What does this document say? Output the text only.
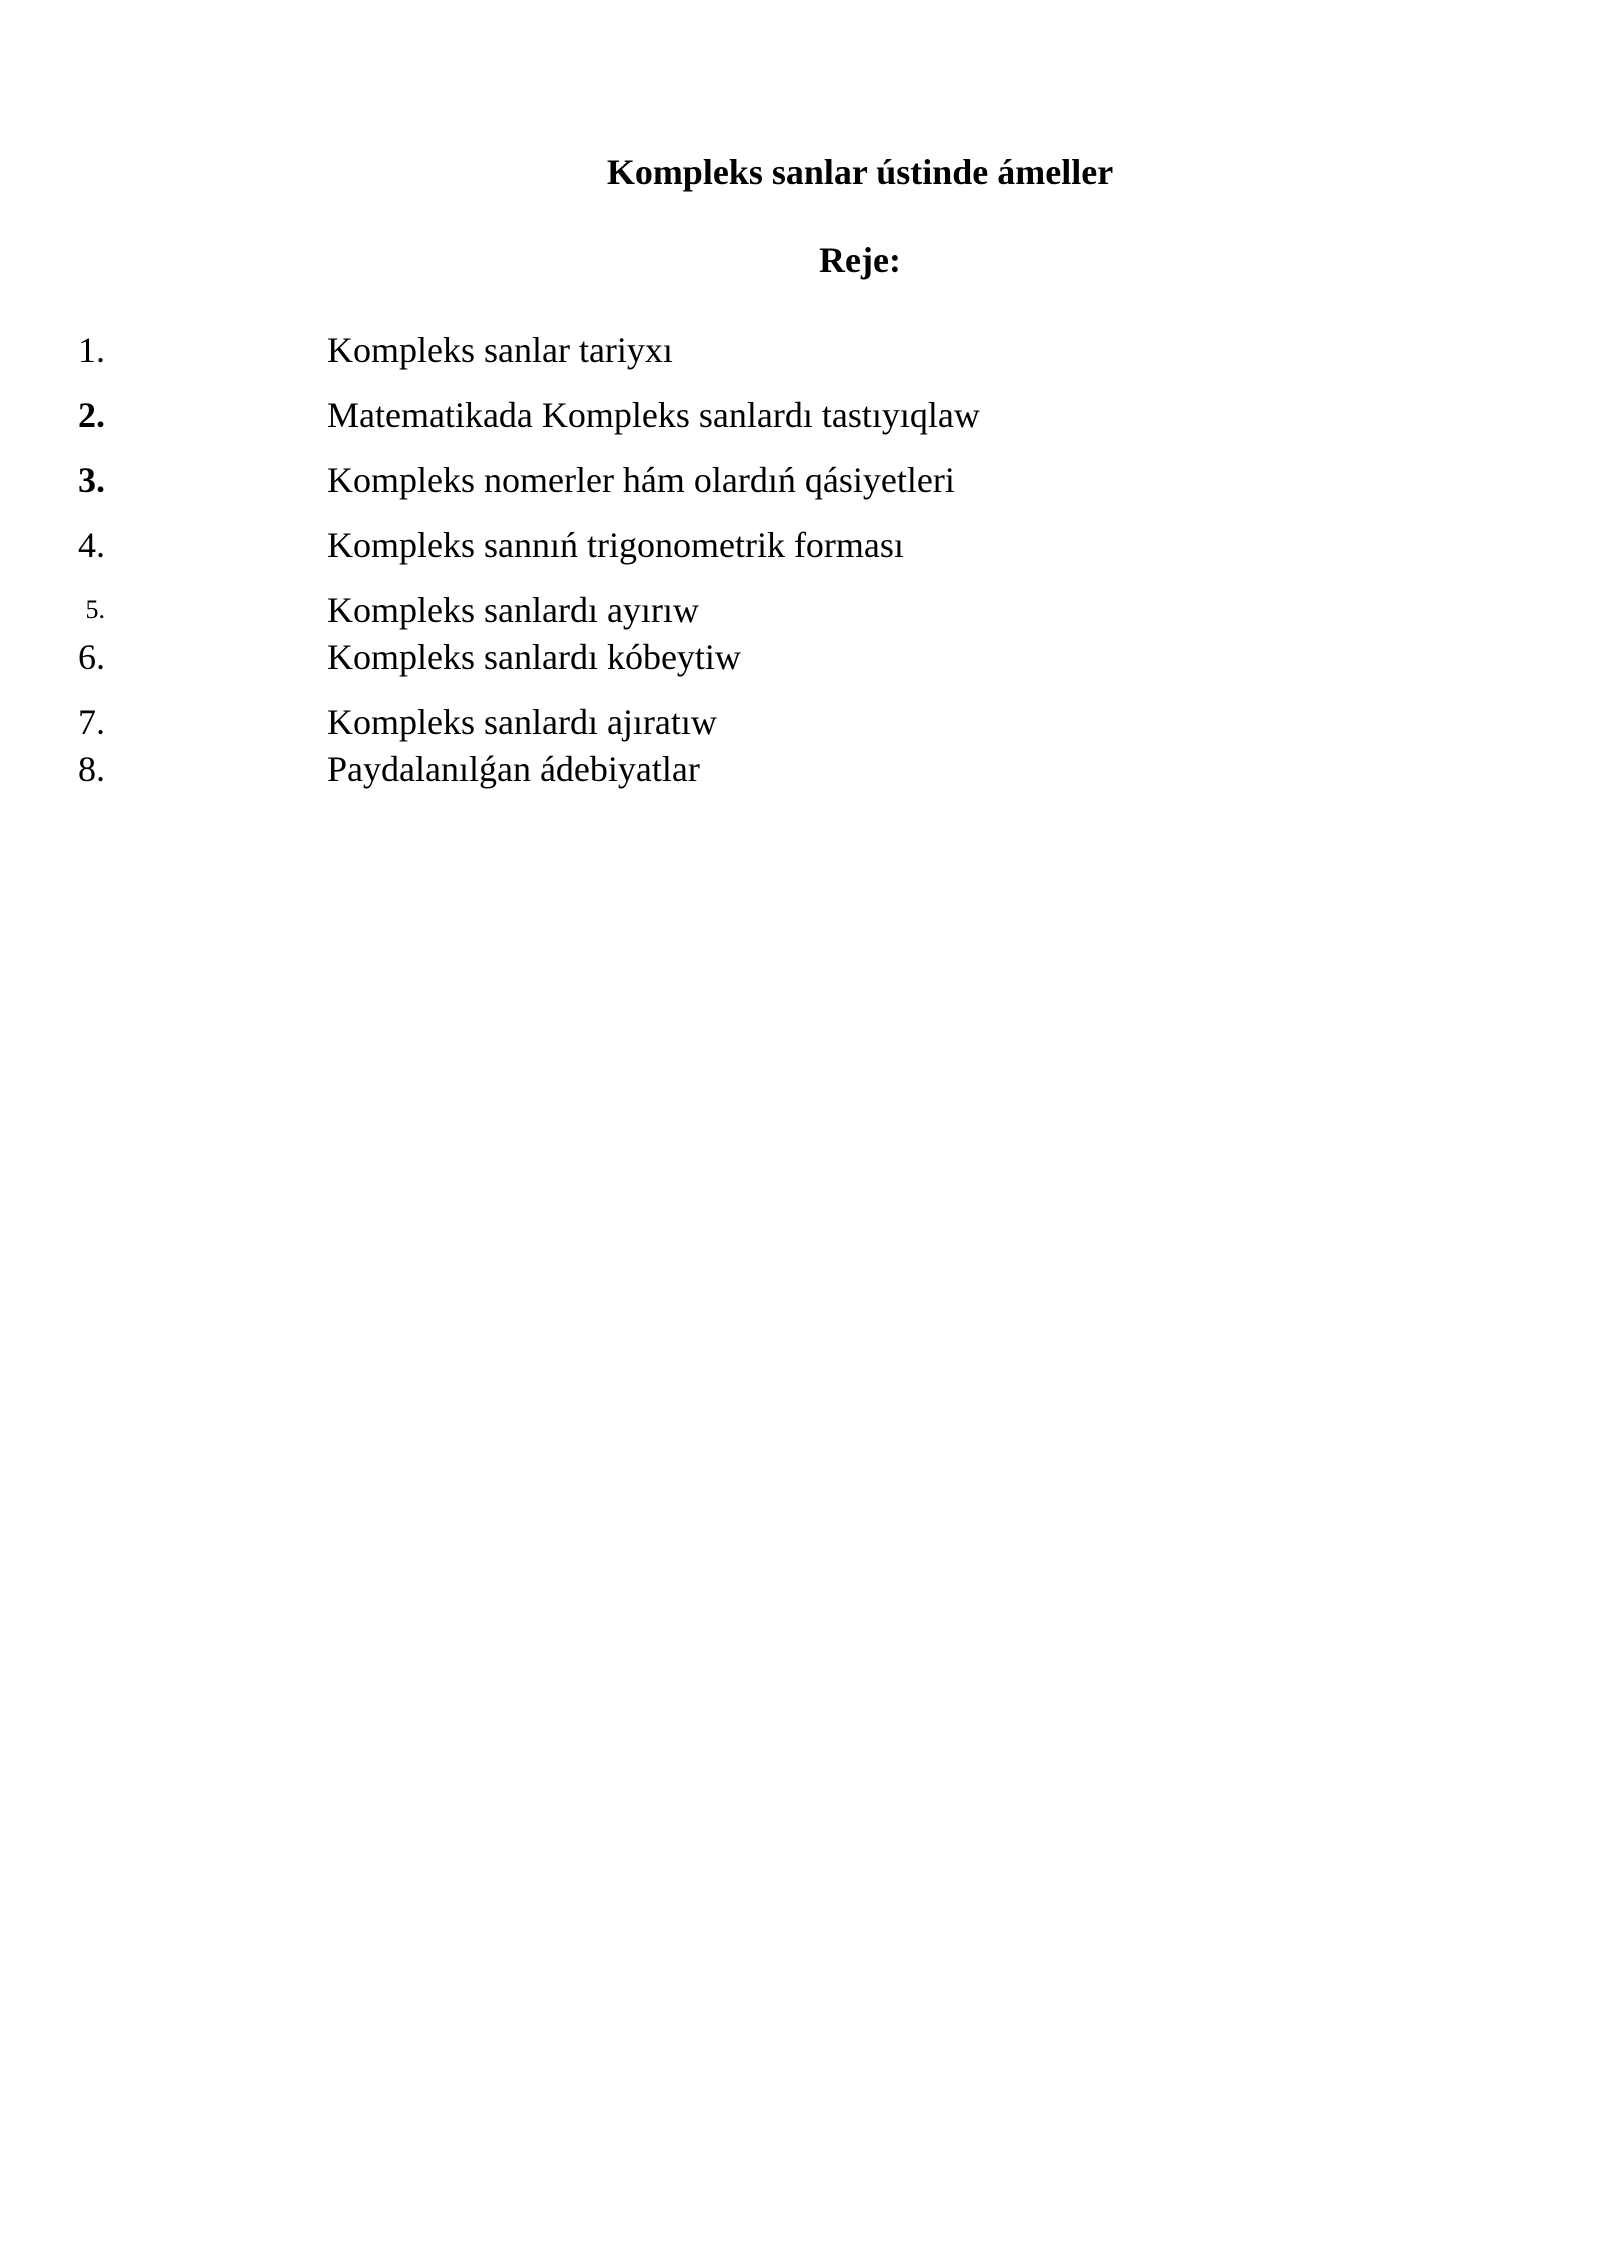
Kompleks sanlar ústinde ámeller
Reje:
1.	Kompleks sanlar tariyxı
2.	Matematikada Kompleks sanlardı tastıyıqlaw
3.	Kompleks nomerler hám olardıń qásiyetleri
4.	Kompleks sannıń trigonometrik forması
5.	Kompleks sanlardı ayırıw
6.	Kompleks sanlardı kóbeytiw
7.	Kompleks sanlardı ajıratıw
8.	Paydalanılǵan ádebiyatlar
